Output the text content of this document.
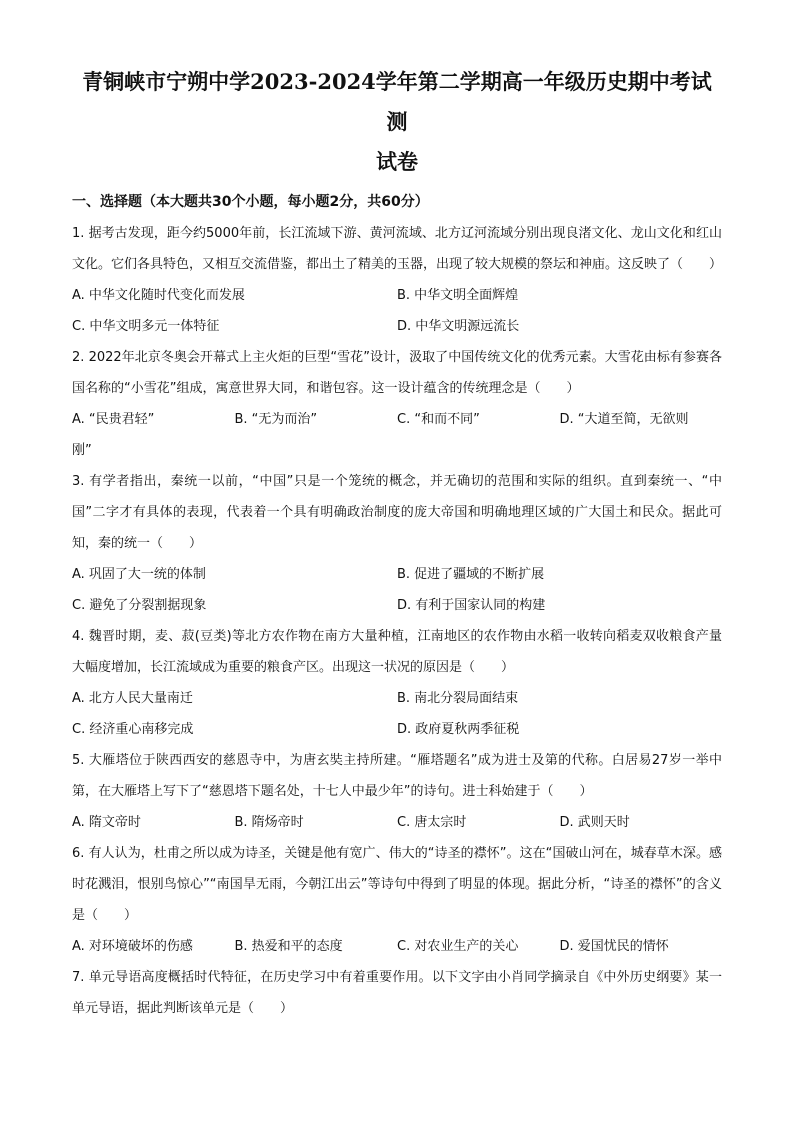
青铜峡市宁朔中学2023-2024学年第二学期高一年级历史期中考试测
试卷
一、选择题（本大题共30个小题，每小题2分，共60分）

1. 据考古发现，距今约5000年前，长江流域下游、黄河流域、北方辽河流域分别出现良渚文化、龙山文化和红山文化。它们各具特色，又相互交流借鉴，都出土了精美的玉器，出现了较大规模的祭坛和神庙。这反映了（　　）

A. 中华文化随时代变化而发展	B. 中华文明全面辉煌
C. 中华文明多元一体特征	D. 中华文明源远流长

2. 2022年北京冬奥会开幕式上主火炬的巨型“雪花”设计，汲取了中国传统文化的优秀元素。大雪花由标有参赛各国名称的“小雪花”组成，寓意世界大同，和谐包容。这一设计蕴含的传统理念是（　　）

A. “民贵君轻”	B. “无为而治”	C. “和而不同”	D. “大道至简，无欲则

刚”

3. 有学者指出，秦统一以前，“中国”只是一个笼统的概念，并无确切的范围和实际的组织。直到秦统一、“中国”二字才有具体的表现，代表着一个具有明确政治制度的庞大帝国和明确地理区域的广大国土和民众。据此可知，秦的统一（　　）

A. 巩固了大一统的体制	B. 促进了疆域的不断扩展
C. 避免了分裂割据现象	D. 有利于国家认同的构建

4. 魏晋时期，麦、菽(豆类)等北方农作物在南方大量种植，江南地区的农作物由水稻一收转向稻麦双收粮食产量大幅度增加，长江流域成为重要的粮食产区。出现这一状况的原因是（　　）

A. 北方人民大量南迁	B. 南北分裂局面结束
C. 经济重心南移完成	D. 政府夏秋两季征税

5. 大雁塔位于陕西西安的慈恩寺中，为唐玄奘主持所建。“雁塔题名”成为进士及第的代称。白居易27岁一举中第，在大雁塔上写下了“慈恩塔下题名处，十七人中最少年”的诗句。进士科始建于（　　）

A. 隋文帝时	B. 隋炀帝时	C. 唐太宗时	D. 武则天时

6. 有人认为，杜甫之所以成为诗圣，关键是他有宽广、伟大的“诗圣的襟怀”。这在“国破山河在，城春草木深。感时花溅泪，恨别鸟惊心”“南国旱无雨，今朝江出云”等诗句中得到了明显的体现。据此分析，“诗圣的襟怀”的含义是（　　）

A. 对环境破坏的伤感	B. 热爱和平的态度	C. 对农业生产的关心	D. 爱国忧民的情怀

7. 单元导语高度概括时代特征，在历史学习中有着重要作用。以下文字由小肖同学摘录自《中外历史纲要》某一单元导语，据此判断该单元是（　　）
